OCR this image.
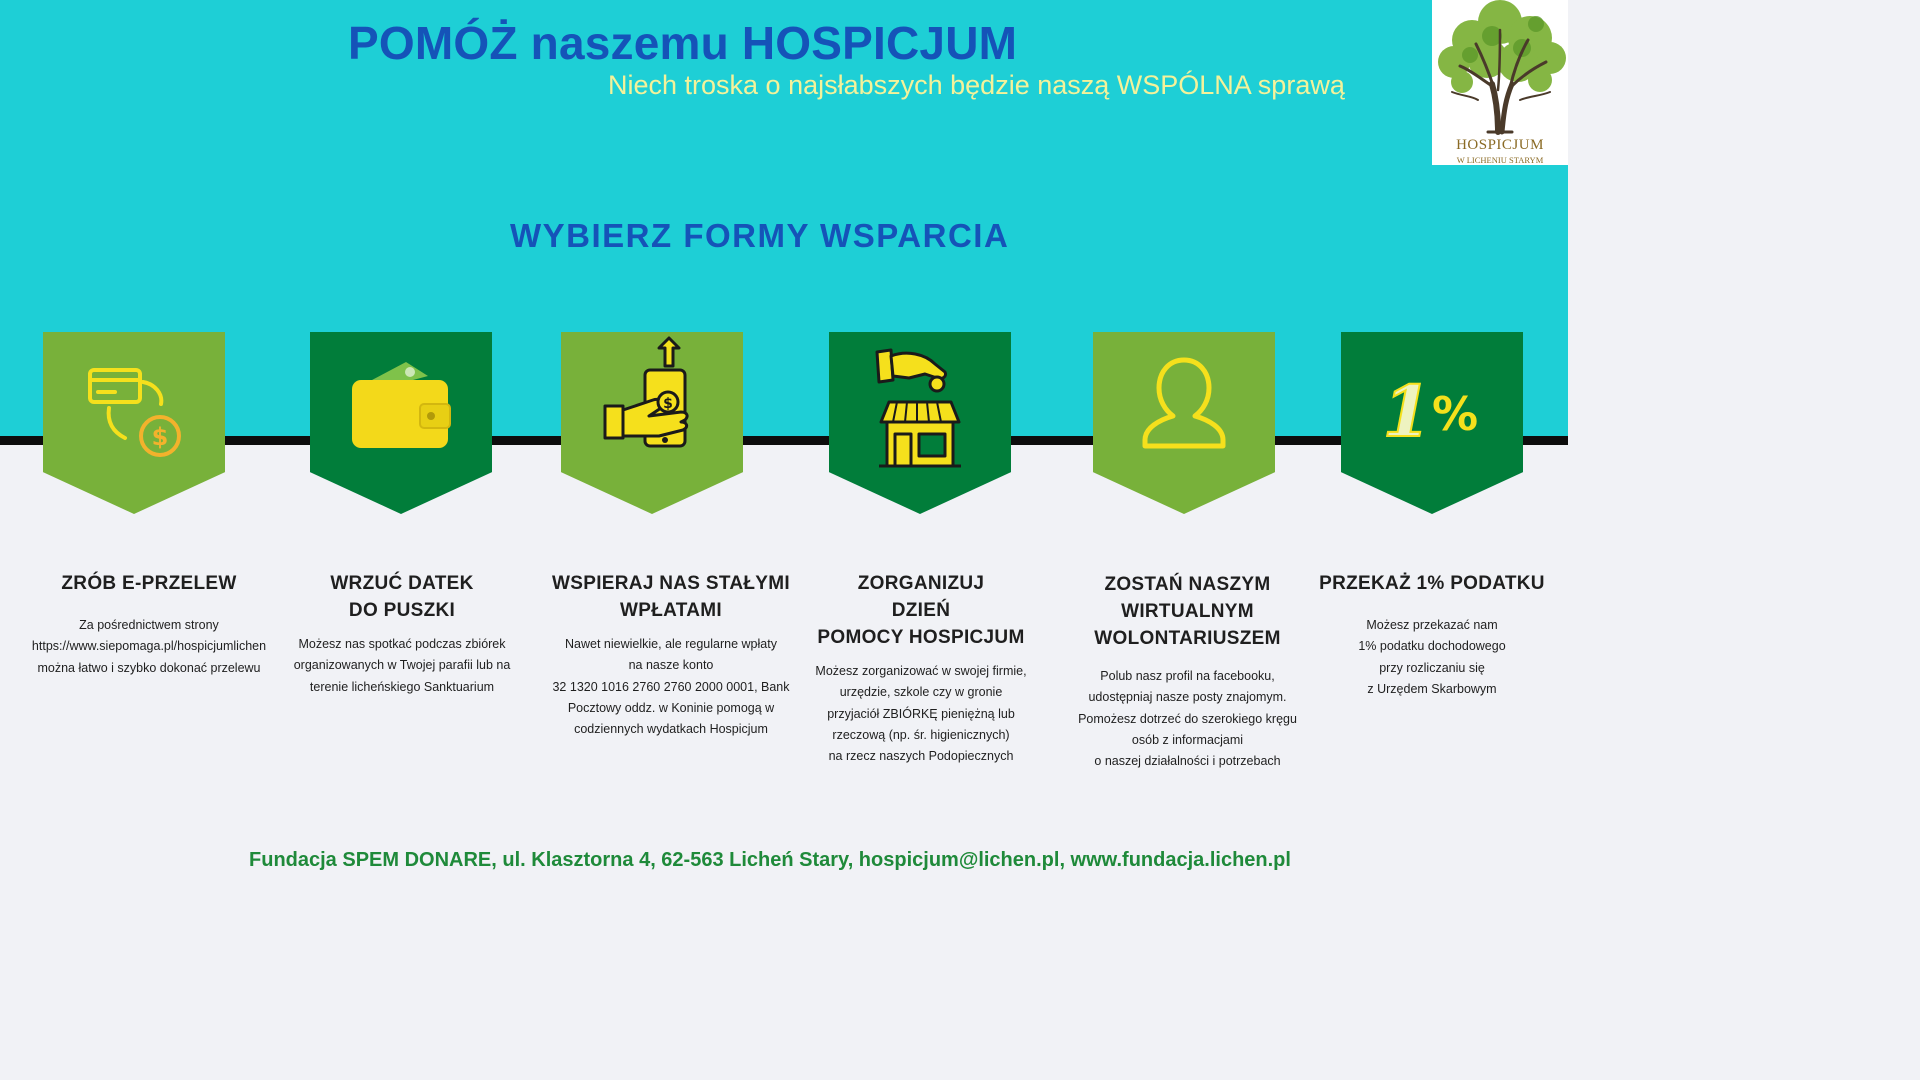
POMÓŻ naszemu HOSPICJUM
Niech troska o najsłabszych będzie naszą WSPÓLNA sprawą
WYBIERZ FORMY WSPARCIA
HOSPICJUM
W LICHENIU STARYM
$
$	1 %
ZRÓB E-PRZELEW
Za pośrednictwem strony
https://www.siepomaga.pl/hospicjumlichen
można łatwo i szybko dokonać przelewu
WRZUĆ DATEK
DO PUSZKI
Możesz nas spotkać podczas zbiórek
organizowanych w Twojej parafii lub na
terenie licheńskiego Sanktuarium
WSPIERAJ NAS STAŁYMI
WPŁATAMI
Nawet niewielkie, ale regularne wpłaty
na nasze konto
32 1320 1016 2760 2760 2000 0001, Bank
Pocztowy oddz. w Koninie pomogą w
codziennych wydatkach Hospicjum
ZORGANIZUJ
DZIEŃ
POMOCY HOSPICJUM
Możesz zorganizować w swojej firmie,
urzędzie, szkole czy w gronie
przyjaciół ZBIÓRKĘ pieniężną lub
rzeczową (np. śr. higienicznych)
na rzecz naszych Podopiecznych
ZOSTAŃ NASZYM
WIRTUALNYM
WOLONTARIUSZEM
Polub nasz profil na facebooku,
udostępniaj nasze posty znajomym.
Pomożesz dotrzeć do szerokiego kręgu
osób z informacjami
o naszej działalności i potrzebach
PRZEKAŻ 1% PODATKU
Możesz przekazać nam
1% podatku dochodowego
przy rozliczaniu się
z Urzędem Skarbowym
Fundacja SPEM DONARE, ul. Klasztorna 4, 62-563 Licheń Stary, hospicjum@lichen.pl, www.fundacja.lichen.pl
